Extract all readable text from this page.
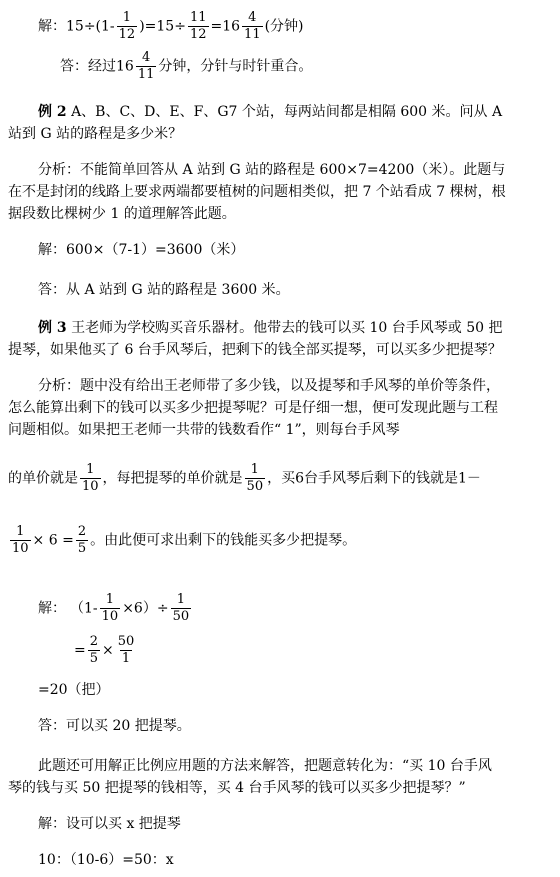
解：$15\div(1- \frac{1}{12} )=15\div \frac{11}{12} =16 \frac{4}{11}$ (分钟)
答：经过$16 \frac{4}{11}$ 分钟，分针与时针重合。
例 2 A、B、C、D、E、F、G7 个站，每两站间都是相隔 600 米。问从 A
站到 G 站的路程是多少米？
分析：不能简单回答从 A 站到 G 站的路程是 600×7=4200（米）。此题与
在不是封闭的线路上要求两端都要植树的问题相类似，把 7 个站看成 7 棵树，根
据段数比棵树少 1 的道理解答此题。
解：600×（7-1）=3600（米）
答：从 A 站到 G 站的路程是 3600 米。
例 3 王老师为学校购买音乐器材。他带去的钱可以买 10 台手风琴或 50 把
提琴，如果他买了 6 台手风琴后，把剩下的钱全部买提琴，可以买多少把提琴？
分析：题中没有给出王老师带了多少钱，以及提琴和手风琴的单价等条件，
怎么能算出剩下的钱可以买多少把提琴呢？可是仔细一想，便可发现此题与工程
问题相似。如果把王老师一共带的钱数看作“ 1”，则每台手风琴
的单价就是 $\frac{1}{10}$ ，每把提琴的单价就是 $\frac{1}{50}$ ，买6台手风琴后剩下的钱就是1－
$\frac{1}{10} \times 6 = \frac{2}{5}$ 。由此便可求出剩下的钱能买多少把提琴。
解： $(1- \frac{1}{10} \times 6)\div \frac{1}{50}$
= $\frac{2}{5} \times \frac{50}{1}$
=20（把）
答：可以买 20 把提琴。
此题还可用解正比例应用题的方法来解答，把题意转化为：“买 10 台手风
琴的钱与买 50 把提琴的钱相等，买 4 台手风琴的钱可以买多少把提琴？”
解：设可以买 x 把提琴
10：（10-6）=50：x
